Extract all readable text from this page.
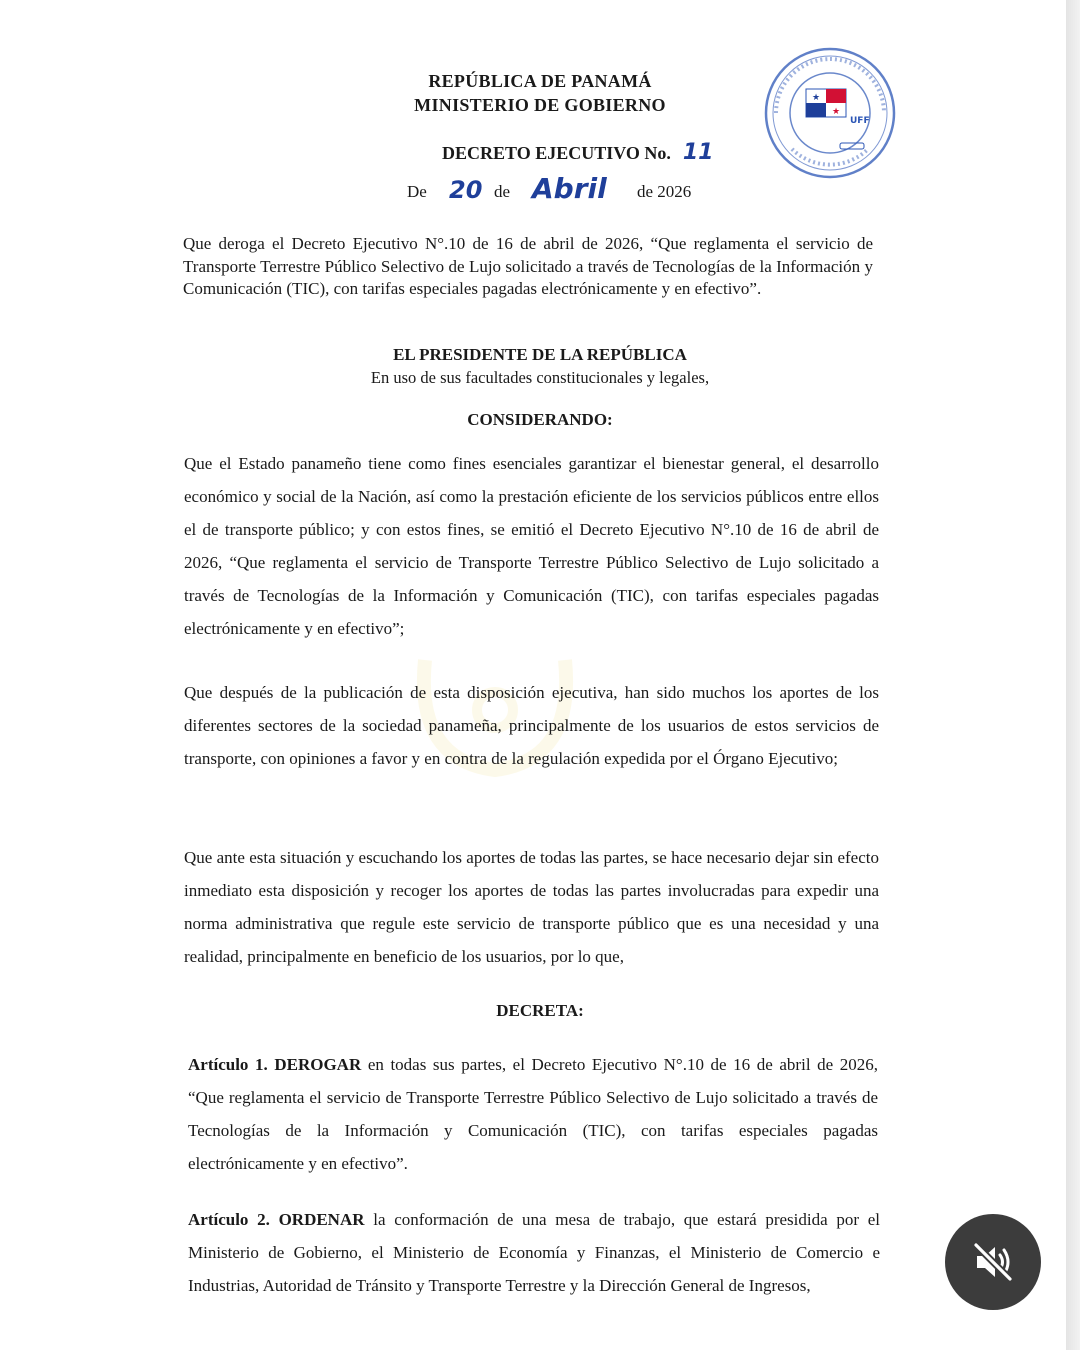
REPÚBLICA DE PANAMÁ
MINISTERIO DE GOBIERNO	★
★
UFF
DECRETO EJECUTIVO No. 11
De 20 de Abril de 2026
Que deroga el Decreto Ejecutivo N°.10 de 16 de abril de 2026, “Que reglamenta el servicio de Transporte Terrestre Público Selectivo de Lujo solicitado a través de Tecnologías de la Información y Comunicación (TIC), con tarifas especiales pagadas electrónicamente y en efectivo”.
EL PRESIDENTE DE LA REPÚBLICA
En uso de sus facultades constitucionales y legales,
CONSIDERANDO:
Que el Estado panameño tiene como fines esenciales garantizar el bienestar general, el desarrollo económico y social de la Nación, así como la prestación eficiente de los servicios públicos entre ellos el de transporte público; y con estos fines, se emitió el Decreto Ejecutivo N°.10 de 16 de abril de 2026, “Que reglamenta el servicio de Transporte Terrestre Público Selectivo de Lujo solicitado a través de Tecnologías de la Información y Comunicación (TIC), con tarifas especiales pagadas electrónicamente y en efectivo”;
Que después de la publicación de esta disposición ejecutiva, han sido muchos los aportes de los diferentes sectores de la sociedad panameña, principalmente de los usuarios de estos servicios de transporte, con opiniones a favor y en contra de la regulación expedida por el Órgano Ejecutivo;
Que ante esta situación y escuchando los aportes de todas las partes, se hace necesario dejar sin efecto inmediato esta disposición y recoger los aportes de todas las partes involucradas para expedir una norma administrativa que regule este servicio de transporte público que es una necesidad y una realidad, principalmente en beneficio de los usuarios, por lo que,
DECRETA:
Artículo 1. DEROGAR en todas sus partes, el Decreto Ejecutivo N°.10 de 16 de abril de 2026, “Que reglamenta el servicio de Transporte Terrestre Público Selectivo de Lujo solicitado a través de Tecnologías de la Información y Comunicación (TIC), con tarifas especiales pagadas electrónicamente y en efectivo”.
Artículo 2. ORDENAR la conformación de una mesa de trabajo, que estará presidida por el Ministerio de Gobierno, el Ministerio de Economía y Finanzas, el Ministerio de Comercio e Industrias, Autoridad de Tránsito y Transporte Terrestre y la Dirección General de Ingresos,
